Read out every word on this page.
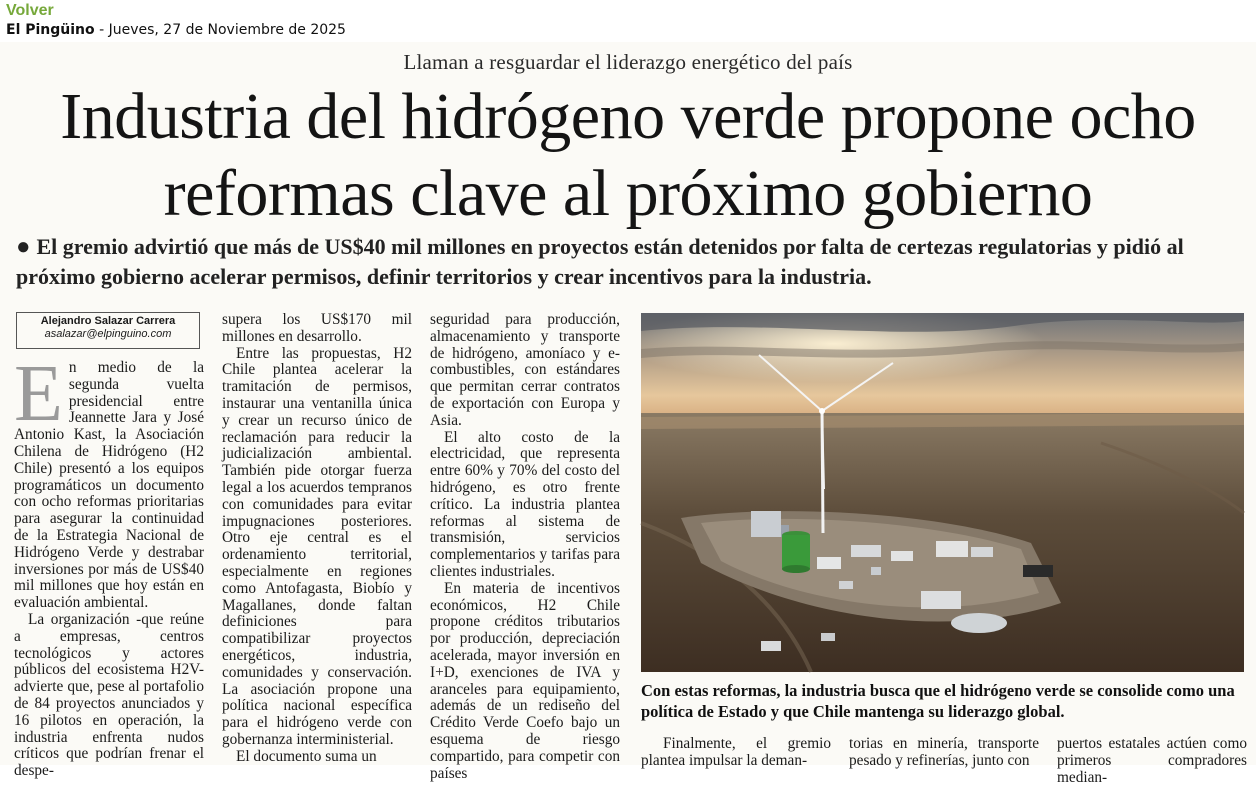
Volver
El Pingüino - Jueves, 27 de Noviembre de 2025
Llaman a resguardar el liderazgo energético del país
Industria del hidrógeno verde propone ocho reformas clave al próximo gobierno
● El gremio advirtió que más de US$40 mil millones en proyectos están detenidos por falta de certezas regulatorias y pidió al próximo gobierno acelerar permisos, definir territorios y crear incentivos para la industria.
Alejandro Salazar Carrera
asalazar@elpinguino.com

En medio de la segunda vuelta presidencial entre Jeannette Jara y José Antonio Kast, la Asociación Chilena de Hidrógeno (H2 Chile) presentó a los equipos programáticos un documento con ocho reformas prioritarias para asegurar la continuidad de la Estrategia Nacional de Hidrógeno Verde y destrabar inversiones por más de US$40 mil millones que hoy están en evaluación ambiental.

La organización -que reúne a empresas, centros tecnológicos y actores públicos del ecosistema H2V- advierte que, pese al portafolio de 84 proyectos anunciados y 16 pilotos en operación, la industria enfrenta nudos críticos que podrían frenar el despe-

supera los US$170 mil millones en desarrollo.

Entre las propuestas, H2 Chile plantea acelerar la tramitación de permisos, instaurar una ventanilla única y crear un recurso único de reclamación para reducir la judicialización ambiental. También pide otorgar fuerza legal a los acuerdos tempranos con comunidades para evitar impugnaciones posteriores. Otro eje central es el ordenamiento territorial, especialmente en regiones como Antofagasta, Biobío y Magallanes, donde faltan definiciones para compatibilizar proyectos energéticos, industria, comunidades y conservación. La asociación propone una política nacional específica para el hidrógeno verde con gobernanza interministerial.

El documento suma un

seguridad para producción, almacenamiento y transporte de hidrógeno, amoníaco y e-combustibles, con estándares que permitan cerrar contratos de exportación con Europa y Asia.

El alto costo de la electricidad, que representa entre 60% y 70% del costo del hidrógeno, es otro frente crítico. La industria plantea reformas al sistema de transmisión, servicios complementarios y tarifas para clientes industriales.

En materia de incentivos económicos, H2 Chile propone créditos tributarios por producción, depreciación acelerada, mayor inversión en I+D, exenciones de IVA y aranceles para equipamiento, además de un rediseño del Crédito Verde Coefo bajo un esquema de riesgo compartido, para competir con países

Con estas reformas, la industria busca que el hidrógeno verde se consolide como una política de Estado y que Chile mantenga su liderazgo global.

Finalmente, el gremio plantea impulsar la deman-

torias en minería, transporte pesado y refinerías, junto con

puertos estatales actúen como primeros compradores median-
